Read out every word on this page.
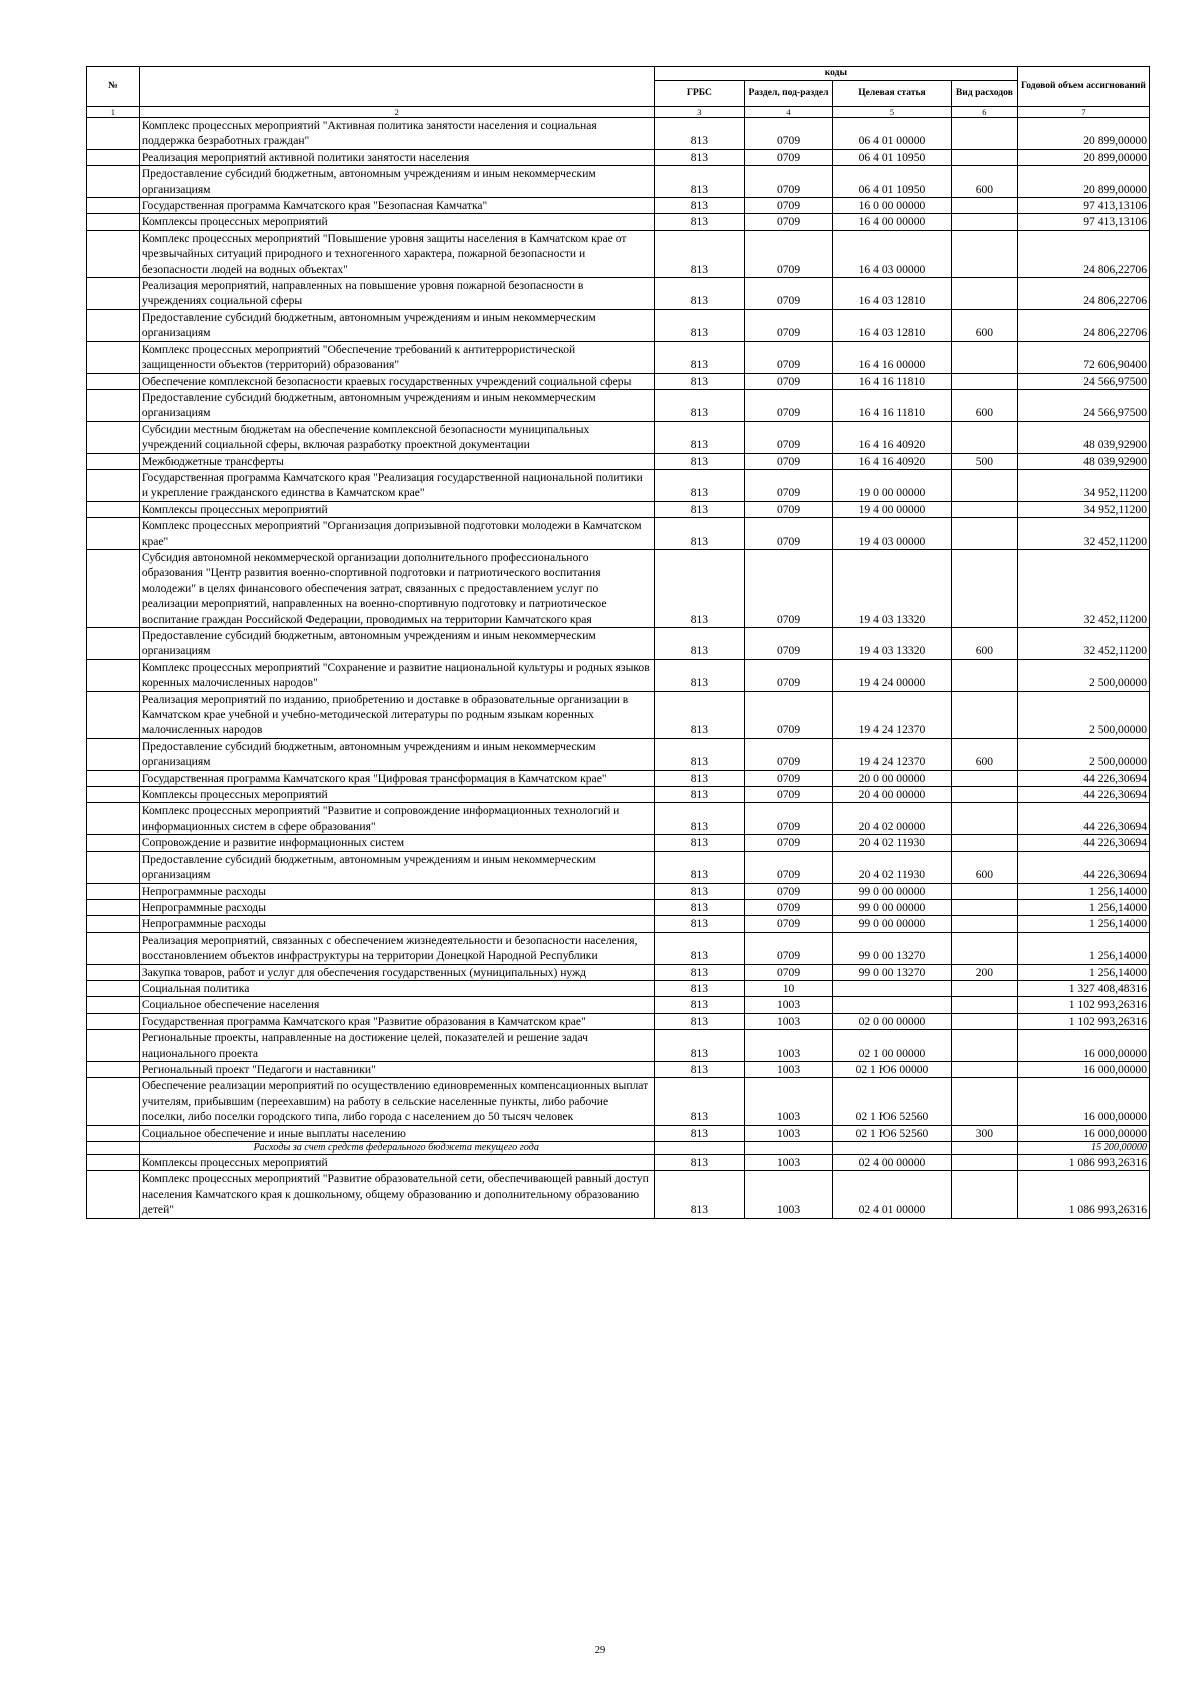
№		коды				Годовой объем ассигнований
		ГРБС	Раздел, под-раздел	Целевая статья	Вид расходов	
1	2	3	4	5	6	7
	Комплекс процессных мероприятий "Активная политика занятости населения и социальная поддержка безработных граждан"	813	0709	06 4 01 00000		20 899,00000
	Реализация мероприятий активной политики занятости населения	813	0709	06 4 01 10950		20 899,00000
	Предоставление субсидий бюджетным, автономным учреждениям и иным некоммерческим организациям	813	0709	06 4 01 10950	600	20 899,00000
	Государственная программа Камчатского края "Безопасная Камчатка"	813	0709	16 0 00 00000		97 413,13106
	Комплексы процессных мероприятий	813	0709	16 4 00 00000		97 413,13106
	Комплекс процессных мероприятий "Повышение уровня защиты населения в Камчатском крае от чрезвычайных ситуаций природного и техногенного характера, пожарной безопасности и безопасности людей на водных объектах"	813	0709	16 4 03 00000		24 806,22706
	Реализация мероприятий, направленных на повышение уровня пожарной безопасности в учреждениях социальной сферы	813	0709	16 4 03 12810		24 806,22706
	Предоставление субсидий бюджетным, автономным учреждениям и иным некоммерческим организациям	813	0709	16 4 03 12810	600	24 806,22706
	Комплекс процессных мероприятий "Обеспечение требований к антитеррористической защищенности объектов (территорий) образования"	813	0709	16 4 16 00000		72 606,90400
	Обеспечение комплексной безопасности краевых государственных учреждений социальной сферы	813	0709	16 4 16 11810		24 566,97500
	Предоставление субсидий бюджетным, автономным учреждениям и иным некоммерческим организациям	813	0709	16 4 16 11810	600	24 566,97500
	Субсидии местным бюджетам на обеспечение комплексной безопасности муниципальных учреждений социальной сферы, включая разработку проектной документации	813	0709	16 4 16 40920		48 039,92900
	Межбюджетные трансферты	813	0709	16 4 16 40920	500	48 039,92900
	Государственная программа Камчатского края "Реализация государственной национальной политики и укрепление гражданского единства в Камчатском крае"	813	0709	19 0 00 00000		34 952,11200
	Комплексы процессных мероприятий	813	0709	19 4 00 00000		34 952,11200
	Комплекс процессных мероприятий "Организация допризывной подготовки молодежи в Камчатском крае"	813	0709	19 4 03 00000		32 452,11200
	Субсидия автономной некоммерческой организации дополнительного профессионального образования "Центр развития военно-спортивной подготовки и патриотического воспитания молодежи" в целях финансового обеспечения затрат, связанных с предоставлением услуг по реализации мероприятий, направленных на военно-спортивную подготовку и патриотическое воспитание граждан Российской Федерации, проводимых на территории Камчатского края	813	0709	19 4 03 13320		32 452,11200
	Предоставление субсидий бюджетным, автономным учреждениям и иным некоммерческим организациям	813	0709	19 4 03 13320	600	32 452,11200
	Комплекс процессных мероприятий "Сохранение и развитие национальной культуры и родных языков коренных малочисленных народов"	813	0709	19 4 24 00000		2 500,00000
	Реализация мероприятий по изданию, приобретению и доставке в образовательные организации в Камчатском крае учебной и учебно-методической литературы по родным языкам коренных малочисленных народов	813	0709	19 4 24 12370		2 500,00000
	Предоставление субсидий бюджетным, автономным учреждениям и иным некоммерческим организациям	813	0709	19 4 24 12370	600	2 500,00000
	Государственная программа Камчатского края "Цифровая трансформация в Камчатском крае"	813	0709	20 0 00 00000		44 226,30694
	Комплексы процессных мероприятий	813	0709	20 4 00 00000		44 226,30694
	Комплекс процессных мероприятий "Развитие и сопровождение информационных технологий и информационных систем в сфере образования"	813	0709	20 4 02 00000		44 226,30694
	Сопровождение и развитие информационных систем	813	0709	20 4 02 11930		44 226,30694
	Предоставление субсидий бюджетным, автономным учреждениям и иным некоммерческим организациям	813	0709	20 4 02 11930	600	44 226,30694
	Непрограммные расходы	813	0709	99 0 00 00000		1 256,14000
	Непрограммные расходы	813	0709	99 0 00 00000		1 256,14000
	Непрограммные расходы	813	0709	99 0 00 00000		1 256,14000
	Реализация мероприятий, связанных с обеспечением жизнедеятельности и безопасности населения, восстановлением объектов инфраструктуры на территории Донецкой Народной Республики	813	0709	99 0 00 13270		1 256,14000
	Закупка товаров, работ и услуг для обеспечения государственных (муниципальных) нужд	813	0709	99 0 00 13270	200	1 256,14000
	Социальная политика	813	10			1 327 408,48316
	Социальное обеспечение населения	813	1003			1 102 993,26316
	Государственная программа Камчатского края "Развитие образования в Камчатском крае"	813	1003	02 0 00 00000		1 102 993,26316
	Региональные проекты, направленные на достижение целей, показателей и решение задач национального проекта	813	1003	02 1 00 00000		16 000,00000
	Региональный проект "Педагоги и наставники"	813	1003	02 1 Ю6 00000		16 000,00000
	Обеспечение реализации мероприятий по осуществлению единовременных компенсационных выплат учителям, прибывшим (переехавшим) на работу в сельские населенные пункты, либо рабочие поселки, либо поселки городского типа, либо города с населением до 50 тысяч человек	813	1003	02 1 Ю6 52560		16 000,00000
	Социальное обеспечение и иные выплаты населению	813	1003	02 1 Ю6 52560	300	16 000,00000
	Расходы за счет средств федерального бюджета текущего года					15 200,00000
	Комплексы процессных мероприятий	813	1003	02 4 00 00000		1 086 993,26316
	Комплекс процессных мероприятий "Развитие образовательной сети, обеспечивающей равный доступ населения Камчатского края к дошкольному, общему образованию и дополнительному образованию детей"	813	1003	02 4 01 00000		1 086 993,26316
29
